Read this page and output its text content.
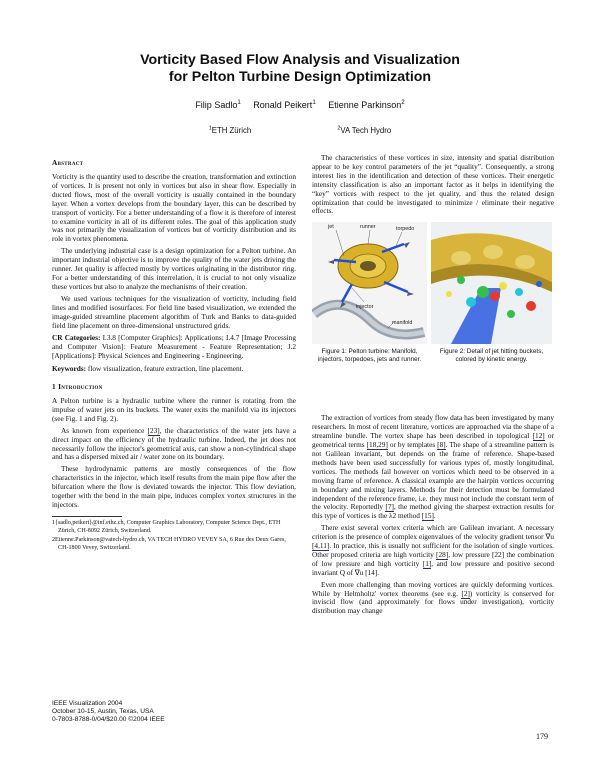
Vorticity Based Flow Analysis and Visualization
for Pelton Turbine Design Optimization
Filip Sadlo$^1$ Ronald Peikert$^1$ Etienne Parkinson$^2$
$^1$ETH Zürich	$^2$VA Tech Hydro
Abstract

Vorticity is the quantity used to describe the creation, transformation and extinction of vortices. It is present not only in vortices but also in shear flow. Especially in ducted flows, most of the overall vorticity is usually contained in the boundary layer. When a vortex develops from the boundary layer, this can be described by transport of vorticity. For a better understanding of a flow it is therefore of interest to examine vorticity in all of its different roles. The goal of this application study was not primarily the visualization of vortices but of vorticity distribution and its role in vortex phenomena.

The underlying industrial case is a design optimization for a Pelton turbine. An important industrial objective is to improve the quality of the water jets driving the runner. Jet quality is affected mostly by vortices originating in the distributor ring. For a better understanding of this interrelation, it is crucial to not only visualize these vortices but also to analyze the mechanisms of their creation.

We used various techniques for the visualization of vorticity, including field lines and modified isosurfaces. For field line based visualization, we extended the image-guided streamline placement algorithm of Turk and Banks to data-guided field line placement on three-dimensional unstructured grids.

CR Categories: I.3.8 [Computer Graphics]: Applications; I.4.7 [Image Processing and Computer Vision]: Feature Measurement - Feature Representation; J.2 [Applications]: Physical Sciences and Engineering - Engineering.

Keywords: flow visualization, feature extraction, line placement.

1 Introduction

A Pelton turbine is a hydraulic turbine where the runner is rotating from the impulse of water jets on its buckets. The water exits the manifold via its injectors (see Fig. 1 and Fig. 2).

As known from experience [23], the characteristics of the water jets have a direct impact on the efficiency of the hydraulic turbine. Indeed, the jet does not necessarily follow the injector's geometrical axis, can show a non-cylindrical shape and has a dispersed mixed air / water zone on its boundary.

These hydrodynamic patterns are mostly consequences of the flow characteristics in the injector, which itself results from the main pipe flow after the bifurcation where the flow is deviated towards the injector. This flow deviation, together with the bend in the main pipe, induces complex vortex structures in the injectors.

1{sadlo,peikert}@inf.ethz.ch, Computer Graphics Laboratory, Computer Science Dept., ETH Zürich, CH-8092 Zürich, Switzerland.

2Etienne.Parkinson@vatech-hydro.ch, VA TECH HYDRO VEVEY SA, 6 Rue des Deux Gares, CH-1800 Vevey, Switzerland.

IEEE Visualization 2004
October 10-15, Austin, Texas, USA
0-7803-8788-0/04/$20.00 ©2004 IEEE

The characteristics of these vortices in size, intensity and spatial distribution appear to be key control parameters of the jet “quality”. Consequently, a strong interest lies in the identification and detection of these vortices. Their energetic intensity classification is also an important factor as it helps in identifying the “key” vortices with respect to the jet quality, and thus the related design optimization that could be investigated to minimize / eliminate their negative effects.

jet	runner	torpedo
injector
manifold
Figure 1: Pelton turbine: Manifold, injectors, torpedoes, jets and runner.
Figure 2: Detail of jet hitting buckets, colored by kinetic energy.

The extraction of vortices from steady flow data has been investigated by many researchers. In most of recent literature, vortices are approached via the shape of a streamline bundle. The vortex shape has been described in topological [12] or geometrical terms [18,29] or by templates [8]. The shape of a streamline pattern is not Galilean invariant, but depends on the frame of reference. Shape-based methods have been used successfully for various types of, mostly longitudinal, vortices. The methods fail however on vortices which need to be observed in a moving frame of reference. A classical example are the hairpin vortices occurring in boundary and mixing layers. Methods for their detection must be formulated independent of the reference frame, i.e. they must not include the constant term of the velocity. Reportedly [7], the method giving the sharpest extraction results for this type of vortices is the λ2 method [15].

There exist several vortex criteria which are Galilean invariant. A necessary criterion is the presence of complex eigenvalues of the velocity gradient tensor ∇u [4,11]. In practice, this is usually not sufficient for the isolation of single vortices. Other proposed criteria are high vorticity [28], low pressure [22] the combination of low pressure and high vorticity [1], and low pressure and positive second invariant Q of ∇u [14].

Even more challenging than moving vortices are quickly deforming vortices. While by Helmholtz' vortex theorems (see e.g. [2]) vorticity is conserved for inviscid flow (and approximately for flows under investigation), vorticity distribution may change

179
